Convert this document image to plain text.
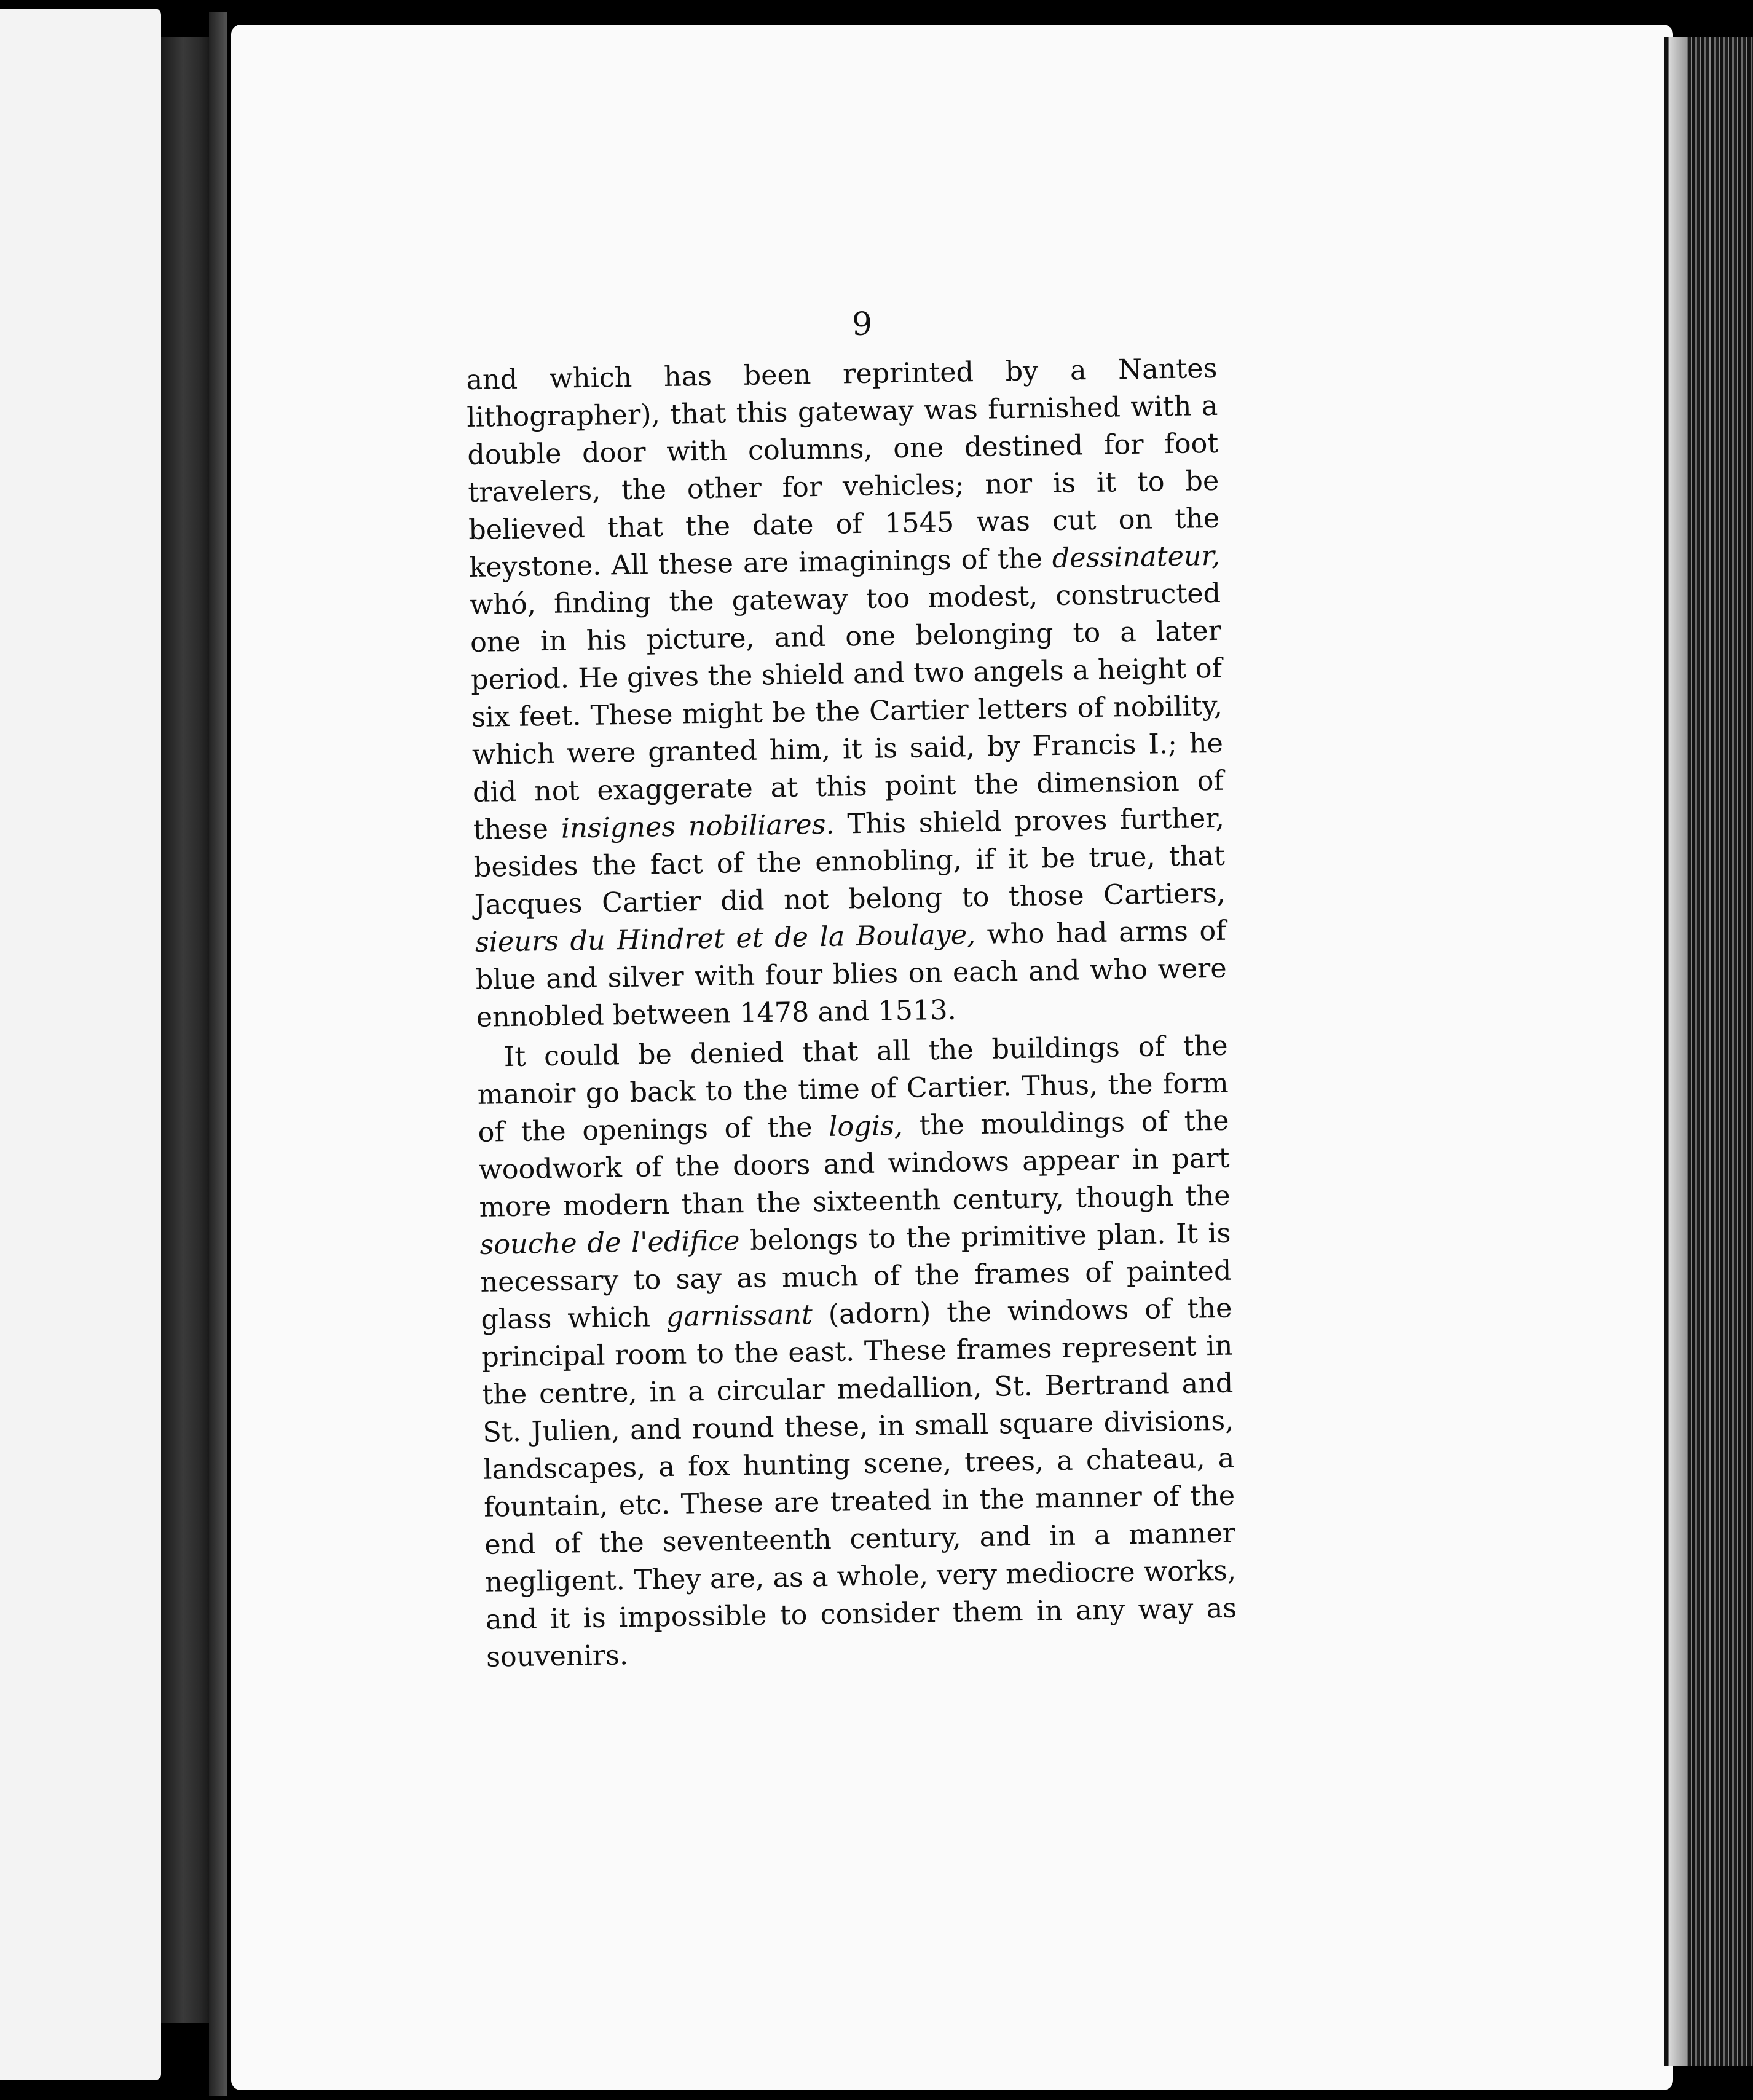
9

and which has been reprinted by a Nantes lithographer), that this gateway was furnished with a double door with columns, one destined for foot travelers, the other for vehicles; nor is it to be believed that the date of 1545 was cut on the keystone. All these are imaginings of the dessinateur, whó, finding the gateway too modest, constructed one in his picture, and one belonging to a later period. He gives the shield and two angels a height of six feet. These might be the Cartier letters of nobility, which were granted him, it is said, by Francis I.; he did not exaggerate at this point the dimension of these insignes nobiliares. This shield proves further, besides the fact of the ennobling, if it be true, that Jacques Cartier did not belong to those Cartiers, sieurs du Hindret et de la Boulaye, who had arms of blue and silver with four blies on each and who were ennobled between 1478 and 1513.

It could be denied that all the buildings of the manoir go back to the time of Cartier. Thus, the form of the openings of the logis, the mouldings of the woodwork of the doors and windows appear in part more modern than the sixteenth century, though the souche de l'edifice belongs to the primitive plan. It is necessary to say as much of the frames of painted glass which garnissant (adorn) the windows of the principal room to the east. These frames represent in the centre, in a circular medallion, St. Bertrand and St. Julien, and round these, in small square divisions, landscapes, a fox hunting scene, trees, a chateau, a fountain, etc. These are treated in the manner of the end of the seventeenth century, and in a manner negligent. They are, as a whole, very mediocre works, and it is impossible to consider them in any way as souvenirs.
